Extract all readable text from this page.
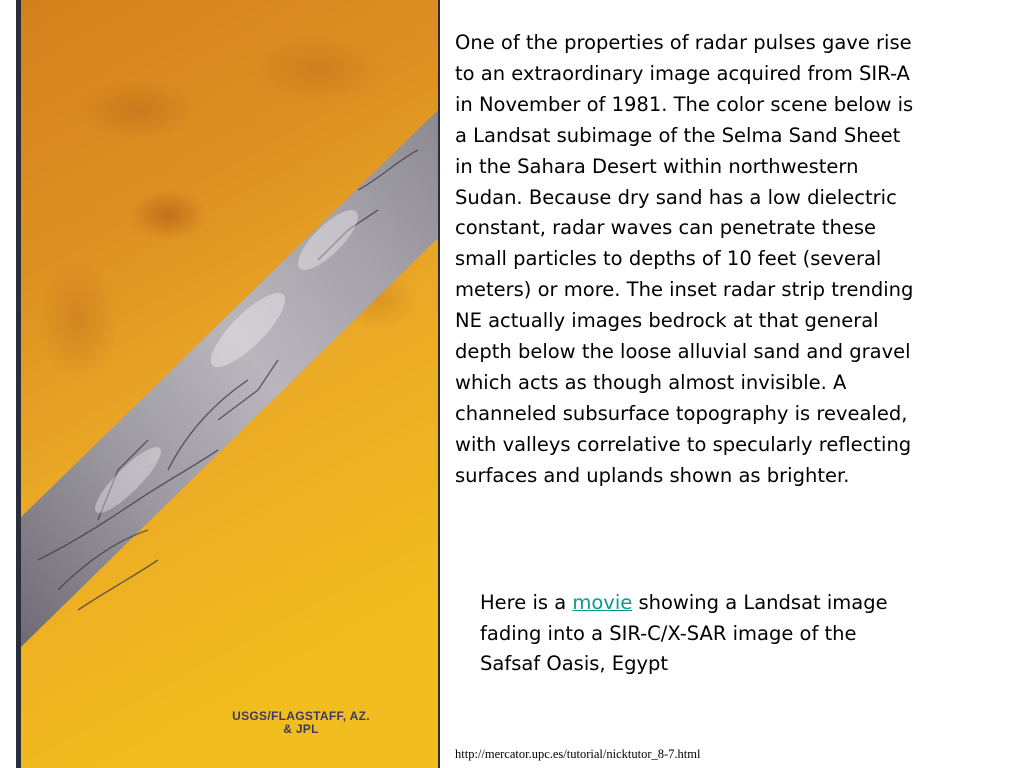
USGS/FLAGSTAFF, AZ.
& JPL
One of the properties of radar pulses gave rise
to an extraordinary image acquired from SIR-A
in November of 1981. The color scene below is
a Landsat subimage of the Selma Sand Sheet
in the Sahara Desert within northwestern
Sudan. Because dry sand has a low dielectric
constant, radar waves can penetrate these
small particles to depths of 10 feet (several
meters) or more. The inset radar strip trending
NE actually images bedrock at that general
depth below the loose alluvial sand and gravel
which acts as though almost invisible. A
channeled subsurface topography is revealed,
with valleys correlative to specularly reflecting
surfaces and uplands shown as brighter.
Here is a movie showing a Landsat image
fading into a SIR-C/X-SAR image of the
Safsaf Oasis, Egypt
http://mercator.upc.es/tutorial/nicktutor_8-7.html
